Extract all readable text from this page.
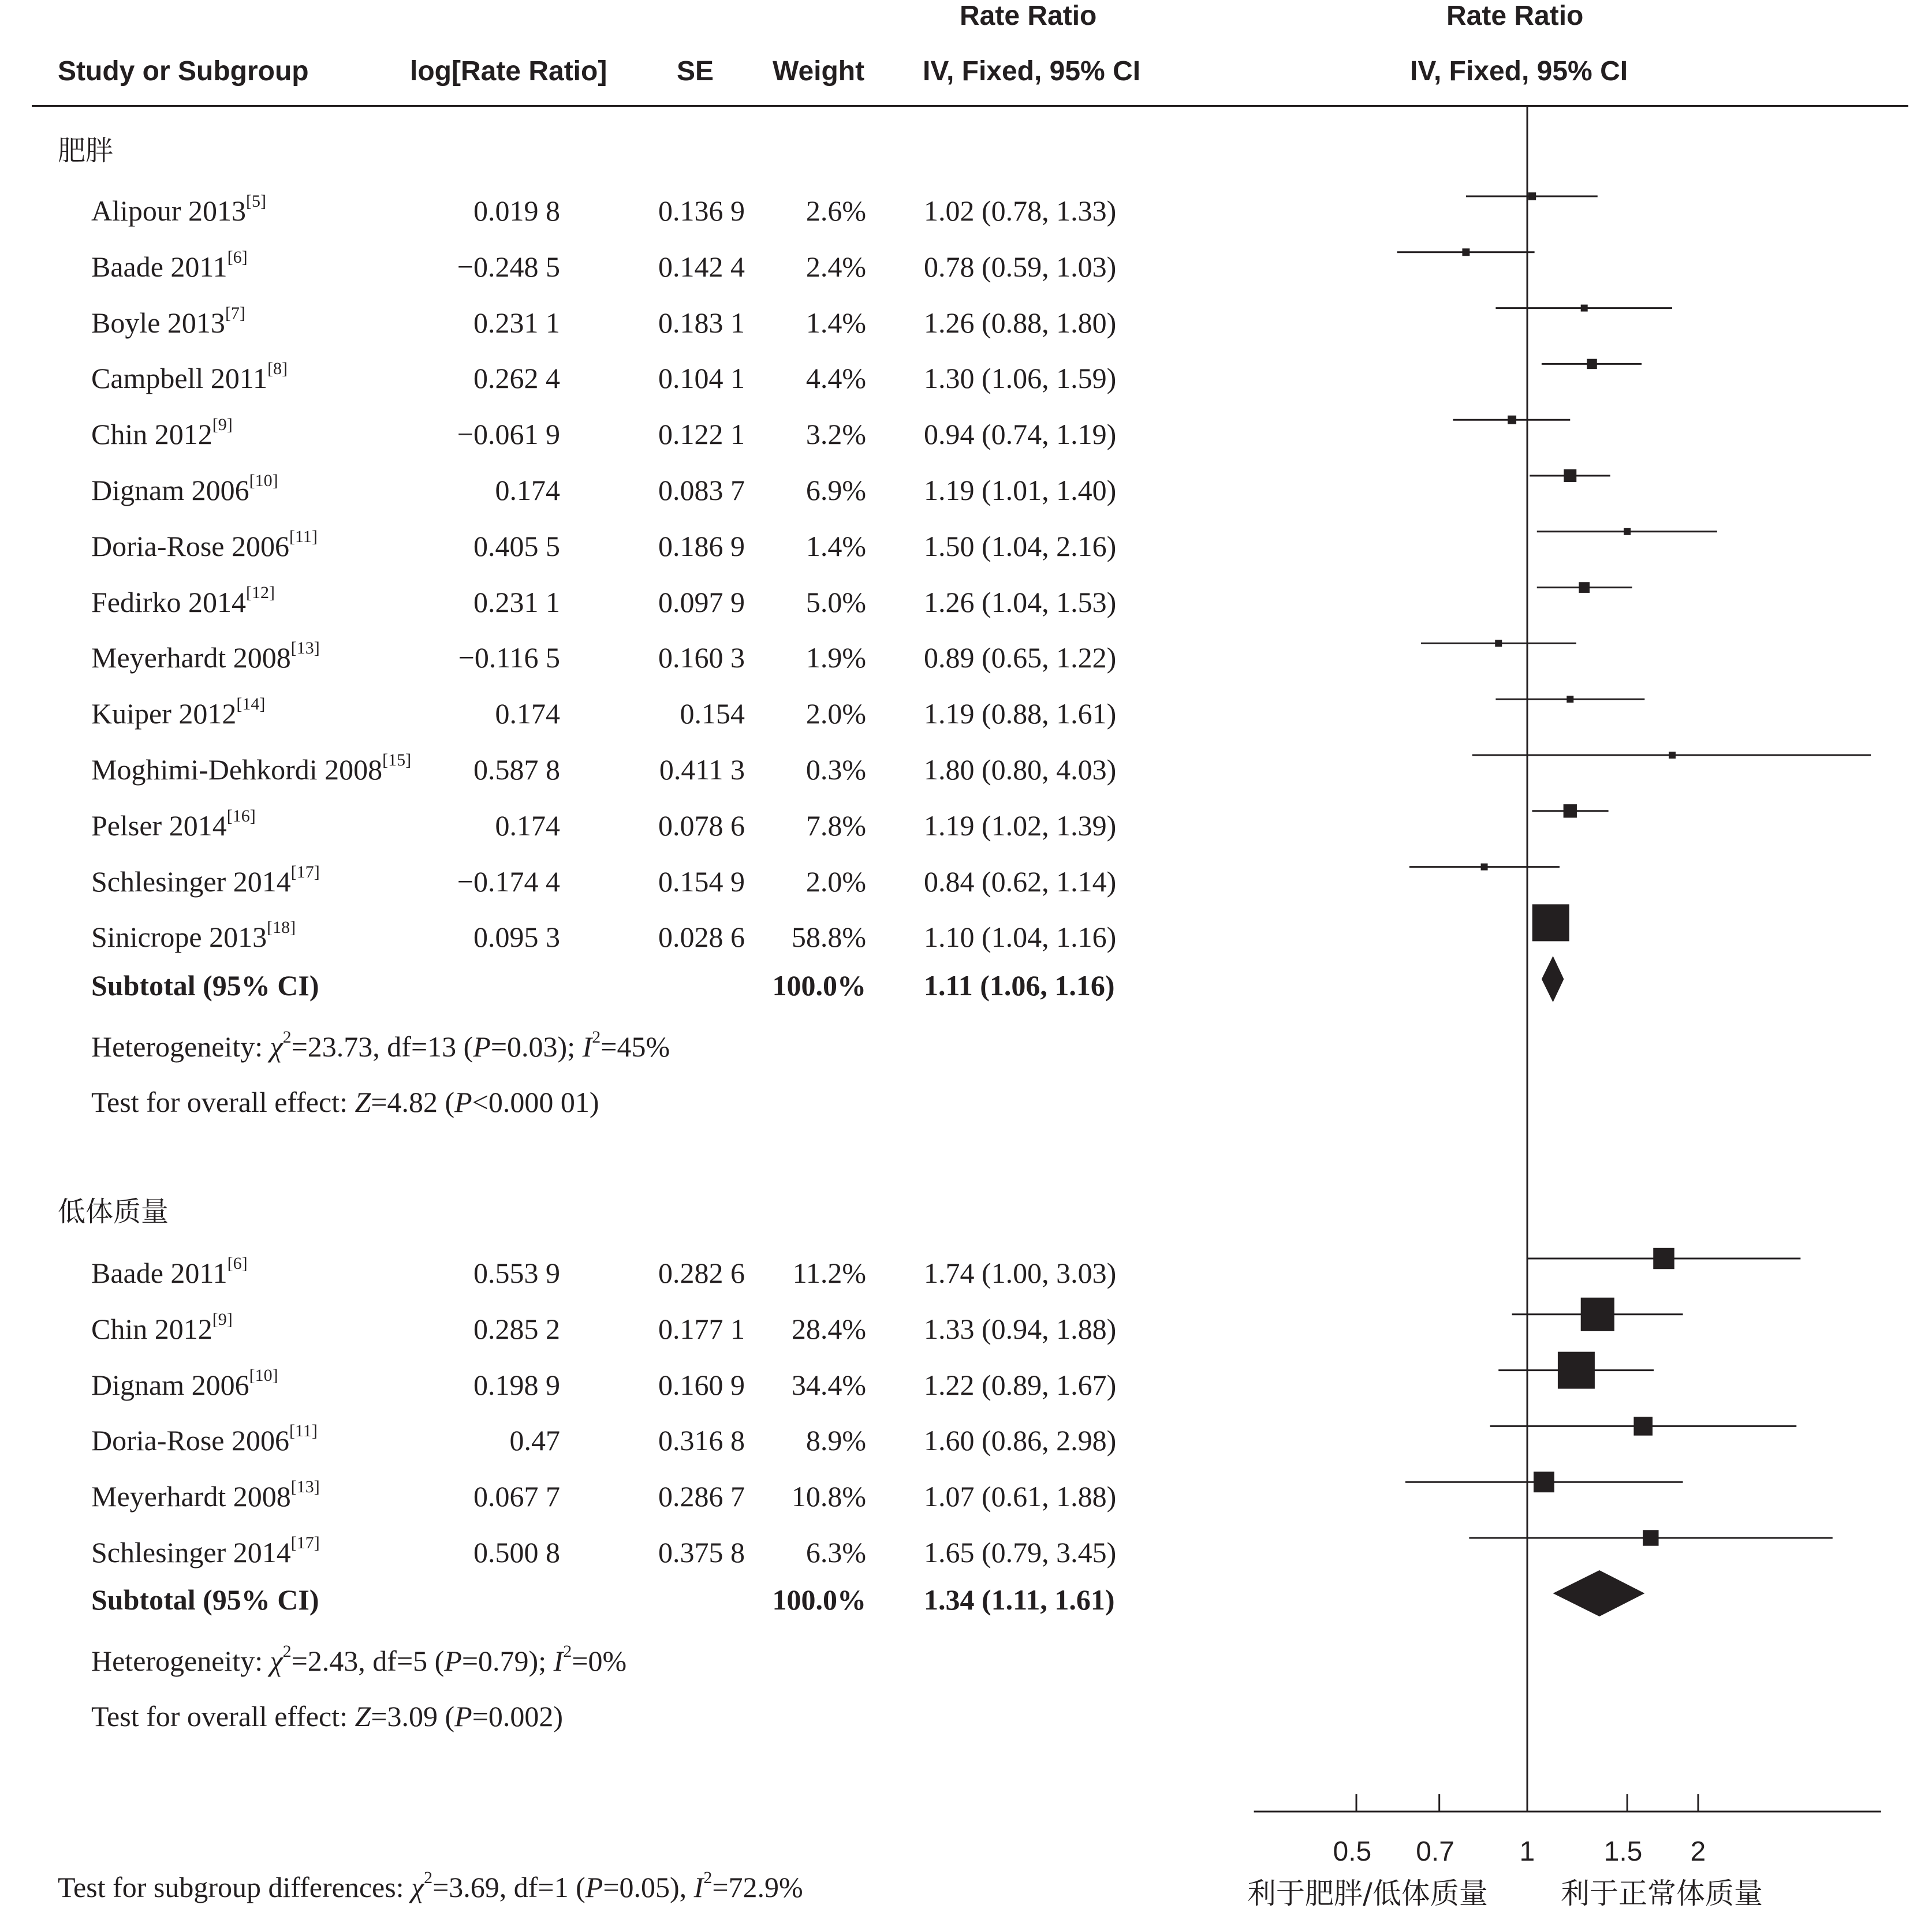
Rate Ratio	Rate Ratio
Study or Subgroup	log[Rate Ratio]	SE Weight IV, Fixed, 95% CI	IV, Fixed, 95% CI
肥胖
Alipour 2013[5]	0.019 8	0.136 9 2.6% 1.02 (0.78, 1.33)
Baade 2011[6]	−0.248 5	0.142 4 2.4% 0.78 (0.59, 1.03)
Boyle 2013[7]	0.231 1	0.183 1 1.4% 1.26 (0.88, 1.80)
Campbell 2011[8]	0.262 4	0.104 1 4.4% 1.30 (1.06, 1.59)
Chin 2012[9]	−0.061 9	0.122 1 3.2% 0.94 (0.74, 1.19)
Dignam 2006[10]	0.174	0.083 7 6.9% 1.19 (1.01, 1.40)
Doria-Rose 2006[11]	0.405 5	0.186 9 1.4% 1.50 (1.04, 2.16)
Fedirko 2014[12]	0.231 1	0.097 9 5.0% 1.26 (1.04, 1.53)
Meyerhardt 2008[13]	−0.116 5	0.160 3 1.9% 0.89 (0.65, 1.22)
Kuiper 2012[14]	0.174	0.154 2.0% 1.19 (0.88, 1.61)
Moghimi-Dehkordi 2008[15] 0.587 8	0.411 3 0.3% 1.80 (0.80, 4.03)
Pelser 2014[16]	0.174	0.078 6 7.8% 1.19 (1.02, 1.39)
Schlesinger 2014[17]	−0.174 4	0.154 9 2.0% 0.84 (0.62, 1.14)
Sinicrope 2013[18]	0.095 3	0.028 6 58.8% 1.10 (1.04, 1.16)
Subtotal (95% CI)	100.0% 1.11 (1.06, 1.16)
Heterogeneity: $\chi^2=23.73$, df=13 (P=0.03); $I^2=45\%$
Test for overall effect: Z=4.82 (P<0.000 01)
低体质量
Baade 2011[6]	0.553 9	0.282 6 11.2% 1.74 (1.00, 3.03)
Chin 2012[9]	0.285 2	0.177 1 28.4% 1.33 (0.94, 1.88)
Dignam 2006[10]	0.198 9	0.160 9 34.4% 1.22 (0.89, 1.67)
Doria-Rose 2006[11]	0.47	0.316 8 8.9% 1.60 (0.86, 2.98)
Meyerhardt 2008[13]	0.067 7	0.286 7 10.8% 1.07 (0.61, 1.88)
Schlesinger 2014[17]	0.500 8	0.375 8 6.3% 1.65 (0.79, 3.45)
Subtotal (95% CI)	100.0% 1.34 (1.11, 1.61)
Heterogeneity: $\chi^2=2.43$, df=5 (P=0.79); $I^2=0\%$
Test for overall effect: Z=3.09 (P=0.002)
Test for subgroup differences: $\chi^2=3.69$, df=1 (P=0.05), $I^2=72.9\%$	利于肥胖/低体质量	利于正常体质量
0.5 0.7 1 1.5 2
